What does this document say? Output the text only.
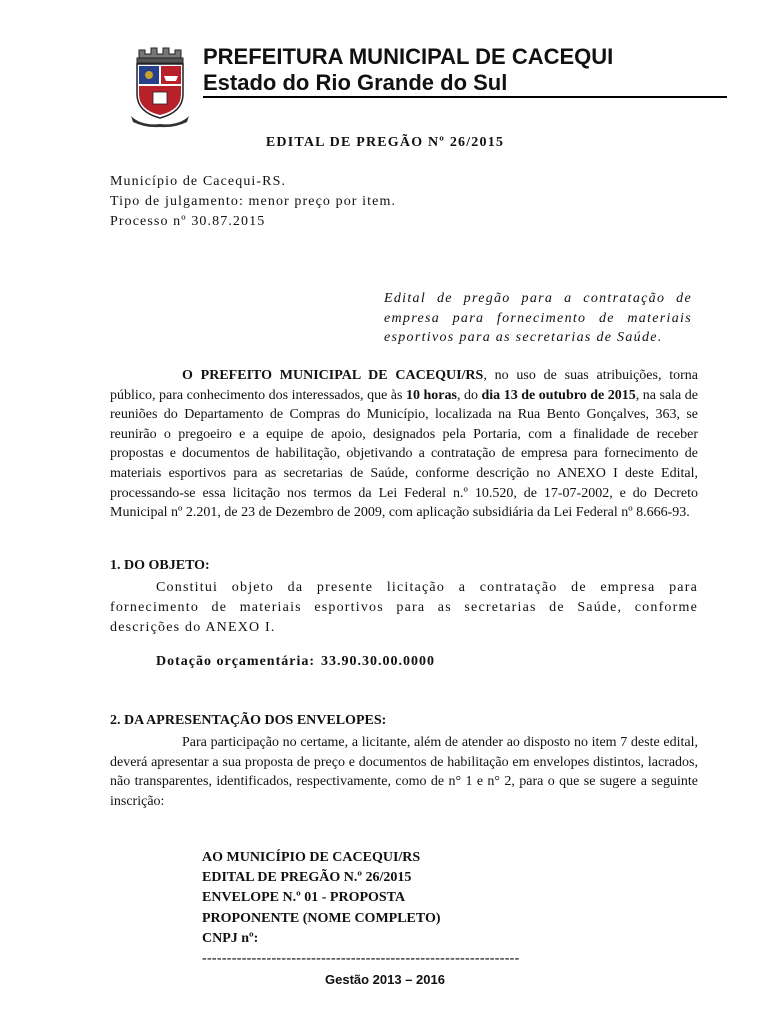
PREFEITURA MUNICIPAL DE CACEQUI
Estado do Rio Grande do Sul
EDITAL DE PREGÃO Nº 26/2015
Município de Cacequi-RS.
Tipo de julgamento: menor preço por item.
Processo nº 30.87.2015
Edital de pregão para a contratação de empresa para fornecimento de materiais esportivos para as secretarias de Saúde.
O PREFEITO MUNICIPAL DE CACEQUI/RS, no uso de suas atribuições, torna público, para conhecimento dos interessados, que às 10 horas, do dia 13 de outubro de 2015, na sala de reuniões do Departamento de Compras do Município, localizada na Rua Bento Gonçalves, 363, se reunirão o pregoeiro e a equipe de apoio, designados pela Portaria, com a finalidade de receber propostas e documentos de habilitação, objetivando a contratação de empresa para fornecimento de materiais esportivos para as secretarias de Saúde, conforme descrição no ANEXO I deste Edital, processando-se essa licitação nos termos da Lei Federal n.º 10.520, de 17-07-2002, e do Decreto Municipal nº 2.201, de 23 de Dezembro de 2009, com aplicação subsidiária da Lei Federal nº 8.666-93.
1. DO OBJETO:
Constitui objeto da presente licitação a contratação de empresa para fornecimento de materiais esportivos para as secretarias de Saúde, conforme descrições do ANEXO I.
Dotação orçamentária: 33.90.30.00.0000
2. DA APRESENTAÇÃO DOS ENVELOPES:
Para participação no certame, a licitante, além de atender ao disposto no item 7 deste edital, deverá apresentar a sua proposta de preço e documentos de habilitação em envelopes distintos, lacrados, não transparentes, identificados, respectivamente, como de n° 1 e n° 2, para o que se sugere a seguinte inscrição:
AO MUNICÍPIO DE CACEQUI/RS
EDITAL DE PREGÃO N.º 26/2015
ENVELOPE N.º 01 - PROPOSTA
PROPONENTE (NOME COMPLETO)
CNPJ nº:
----------------------------------------------------------------
Gestão 2013 – 2016
